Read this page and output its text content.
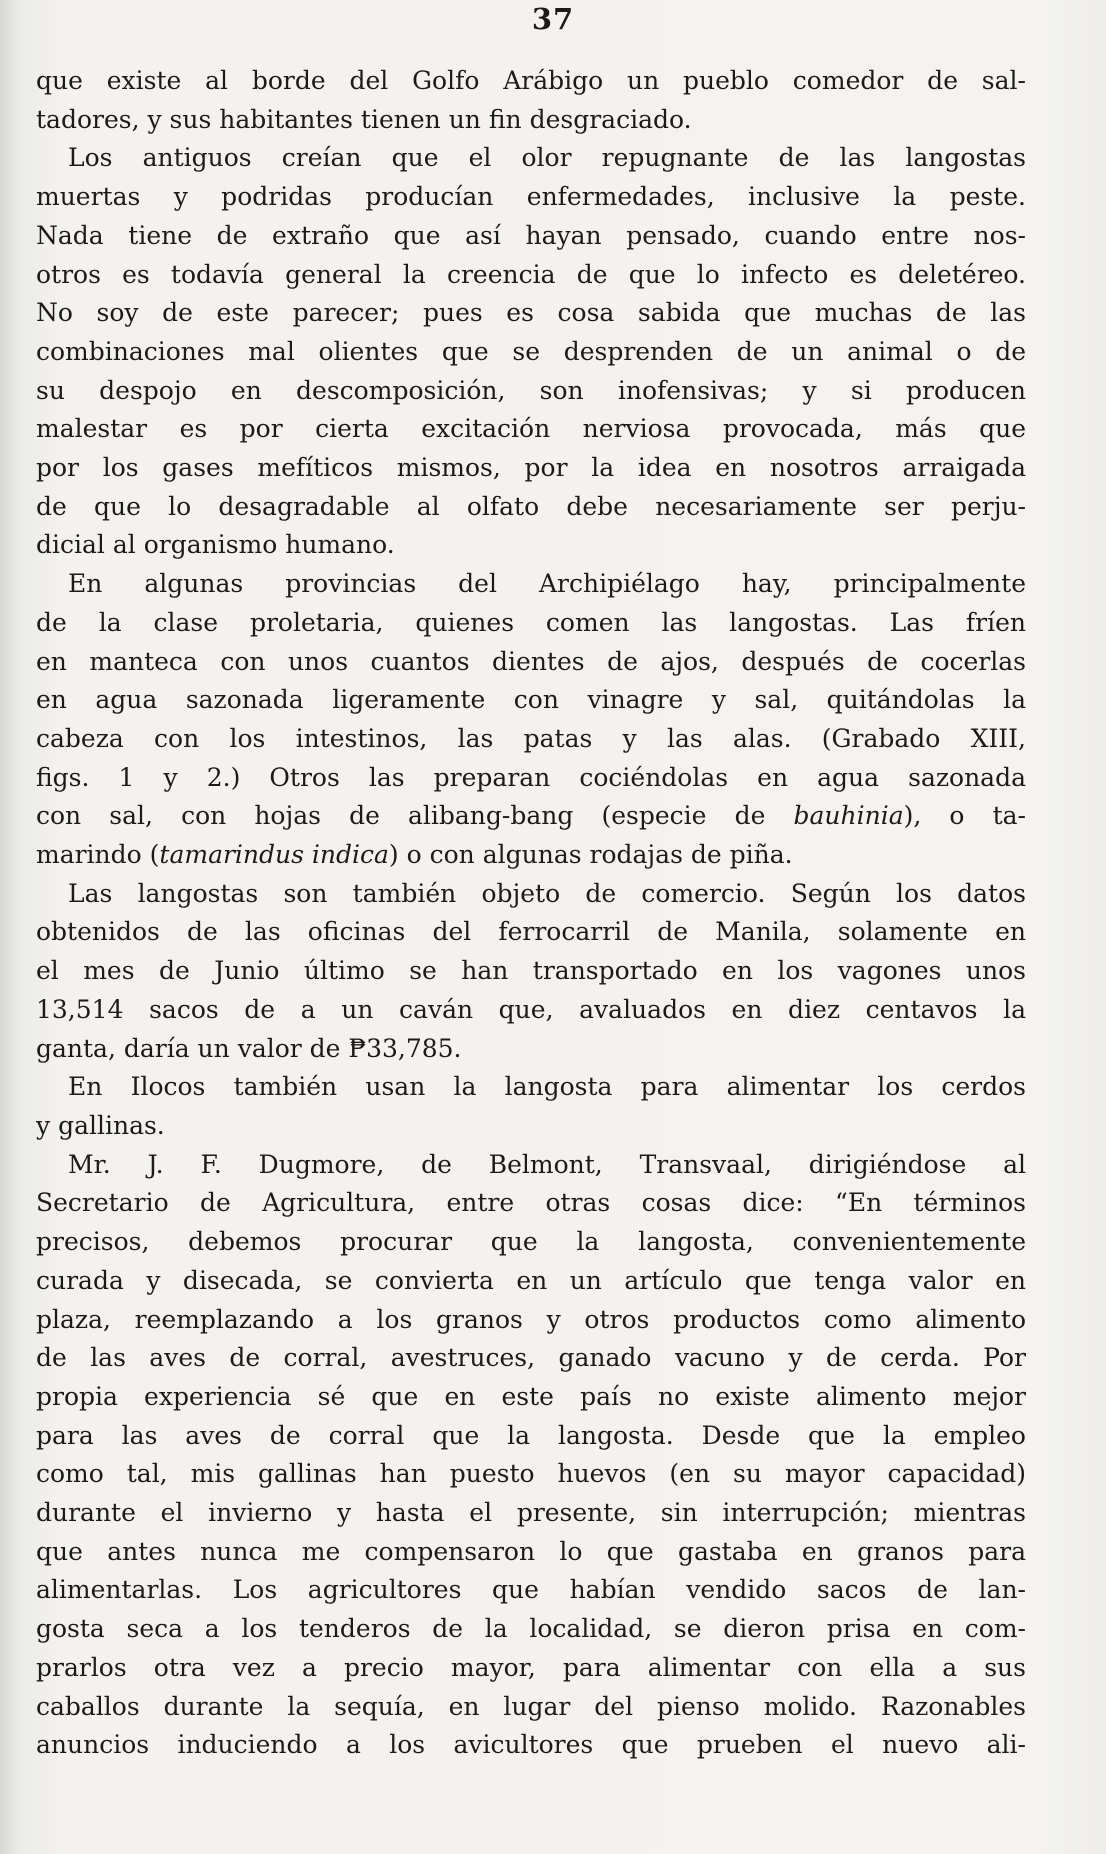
37
que existe al borde del Golfo Arábigo un pueblo comedor de sal-
tadores, y sus habitantes tienen un fin desgraciado.
Los antiguos creían que el olor repugnante de las langostas
muertas y podridas producían enfermedades, inclusive la peste.
Nada tiene de extraño que así hayan pensado, cuando entre nos-
otros es todavía general la creencia de que lo infecto es deletéreo.
No soy de este parecer; pues es cosa sabida que muchas de las
combinaciones mal olientes que se desprenden de un animal o de
su despojo en descomposición, son inofensivas; y si producen
malestar es por cierta excitación nerviosa provocada, más que
por los gases mefíticos mismos, por la idea en nosotros arraigada
de que lo desagradable al olfato debe necesariamente ser perju-
dicial al organismo humano.
En algunas provincias del Archipiélago hay, principalmente
de la clase proletaria, quienes comen las langostas. Las fríen
en manteca con unos cuantos dientes de ajos, después de cocerlas
en agua sazonada ligeramente con vinagre y sal, quitándolas la
cabeza con los intestinos, las patas y las alas. (Grabado XIII,
figs. 1 y 2.) Otros las preparan cociéndolas en agua sazonada
con sal, con hojas de alibang-bang (especie de bauhinia), o ta-
marindo (tamarindus indica) o con algunas rodajas de piña.
Las langostas son también objeto de comercio. Según los datos
obtenidos de las oficinas del ferrocarril de Manila, solamente en
el mes de Junio último se han transportado en los vagones unos
13,514 sacos de a un caván que, avaluados en diez centavos la
ganta, daría un valor de ₱33,785.
En Ilocos también usan la langosta para alimentar los cerdos
y gallinas.
Mr. J. F. Dugmore, de Belmont, Transvaal, dirigiéndose al
Secretario de Agricultura, entre otras cosas dice: “En términos
precisos, debemos procurar que la langosta, convenientemente
curada y disecada, se convierta en un artículo que tenga valor en
plaza, reemplazando a los granos y otros productos como alimento
de las aves de corral, avestruces, ganado vacuno y de cerda. Por
propia experiencia sé que en este país no existe alimento mejor
para las aves de corral que la langosta. Desde que la empleo
como tal, mis gallinas han puesto huevos (en su mayor capacidad)
durante el invierno y hasta el presente, sin interrupción; mientras
que antes nunca me compensaron lo que gastaba en granos para
alimentarlas. Los agricultores que habían vendido sacos de lan-
gosta seca a los tenderos de la localidad, se dieron prisa en com-
prarlos otra vez a precio mayor, para alimentar con ella a sus
caballos durante la sequía, en lugar del pienso molido. Razonables
anuncios induciendo a los avicultores que prueben el nuevo ali-
